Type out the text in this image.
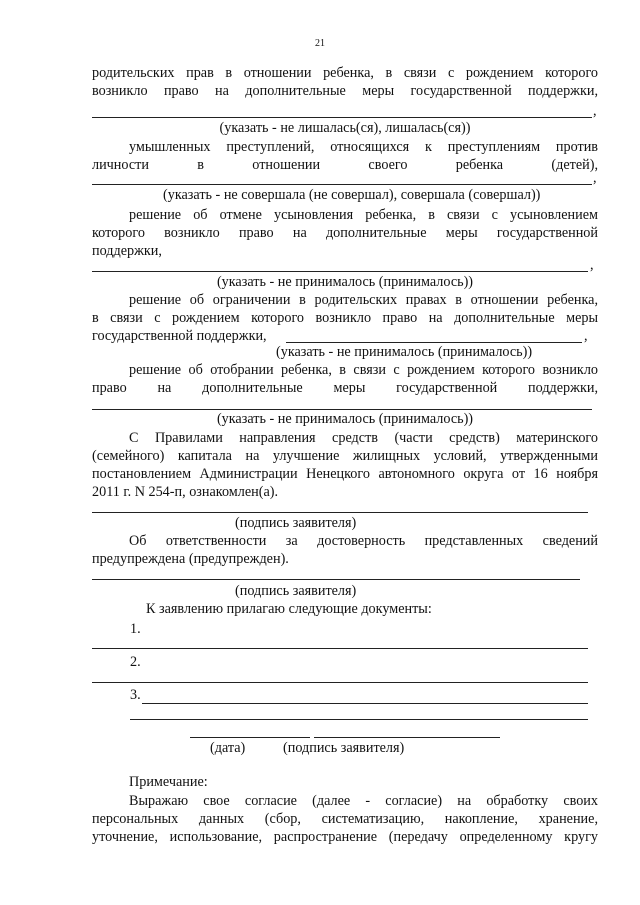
21
родительских прав в отношении ребенка, в связи с рождением которого
возникло право на дополнительные меры государственной поддержки,
,
(указать - не лишалась(ся), лишалась(ся))
умышленных преступлений, относящихся к преступлениям против
личности в отношении своего ребенка (детей),
,
(указать - не совершала (не совершал), совершала (совершал))
решение об отмене усыновления ребенка, в связи с усыновлением
которого возникло право на дополнительные меры государственной
поддержки,
,
(указать - не принималось (принималось))
решение об ограничении в родительских правах в отношении ребенка,
в связи с рождением которого возникло право на дополнительные меры
государственной поддержки,	,
(указать - не принималось (принималось))
решение об отобрании ребенка, в связи с рождением которого возникло
право на дополнительные меры государственной поддержки,
(указать - не принималось (принималось))
С Правилами направления средств (части средств) материнского
(семейного) капитала на улучшение жилищных условий, утвержденными
постановлением Администрации Ненецкого автономного округа от 16 ноября
2011 г. N 254-п, ознакомлен(а).
(подпись заявителя)
Об ответственности за достоверность представленных сведений
предупреждена (предупрежден).
(подпись заявителя)
К заявлению прилагаю следующие документы:
1.
2.
3.
(дата)	(подпись заявителя)
Примечание:
Выражаю свое согласие (далее - согласие) на обработку своих
персональных данных (сбор, систематизацию, накопление, хранение,
уточнение, использование, распространение (передачу определенному кругу
